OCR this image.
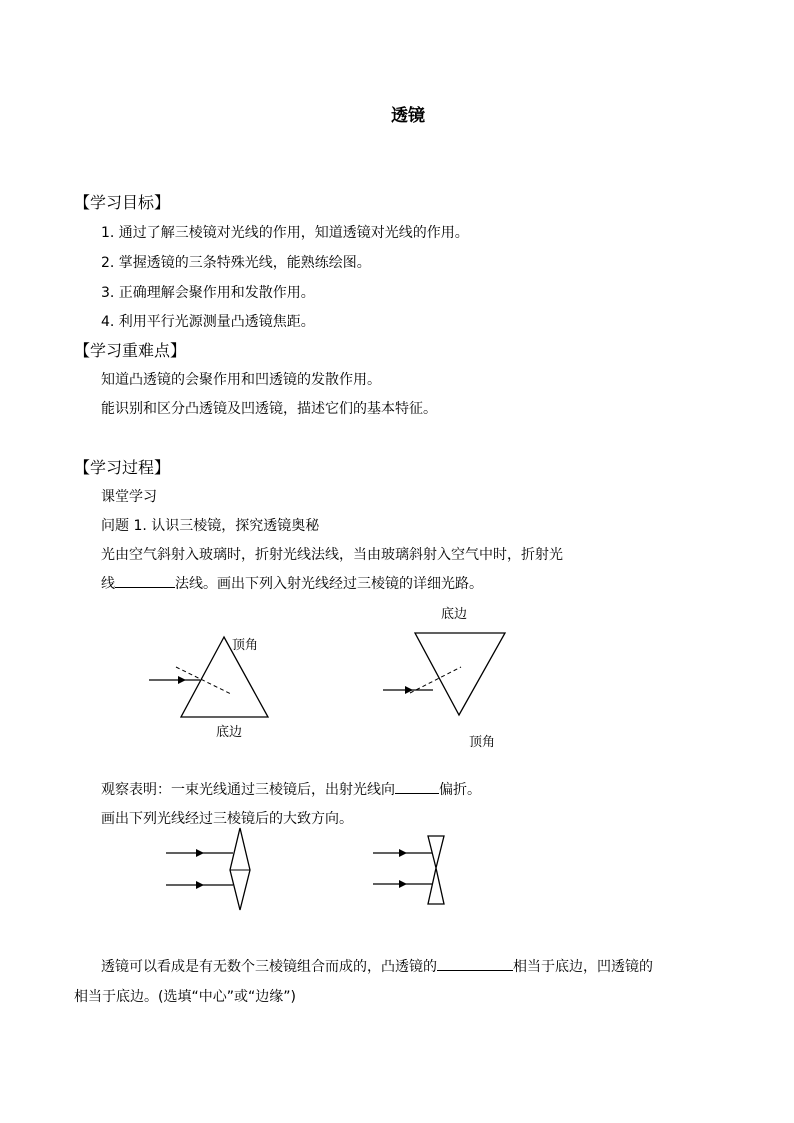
透镜
【学习目标】
1. 通过了解三棱镜对光线的作用，知道透镜对光线的作用。
2. 掌握透镜的三条特殊光线，能熟练绘图。
3. 正确理解会聚作用和发散作用。
4. 利用平行光源测量凸透镜焦距。
【学习重难点】
知道凸透镜的会聚作用和凹透镜的发散作用。
能识别和区分凸透镜及凹透镜，描述它们的基本特征。
【学习过程】
课堂学习
问题 1. 认识三棱镜，探究透镜奥秘
光由空气斜射入玻璃时，折射光线法线，当由玻璃斜射入空气中时，折射光
线	法线。画出下列入射光线经过三棱镜的详细光路。
顶角
底边
底边
顶角
观察表明：一束光线通过三棱镜后，出射光线向	偏折。
画出下列光线经过三棱镜后的大致方向。
透镜可以看成是有无数个三棱镜组合而成的，凸透镜的	相当于底边，凹透镜的
相当于底边。(选填“中心”或“边缘”)
